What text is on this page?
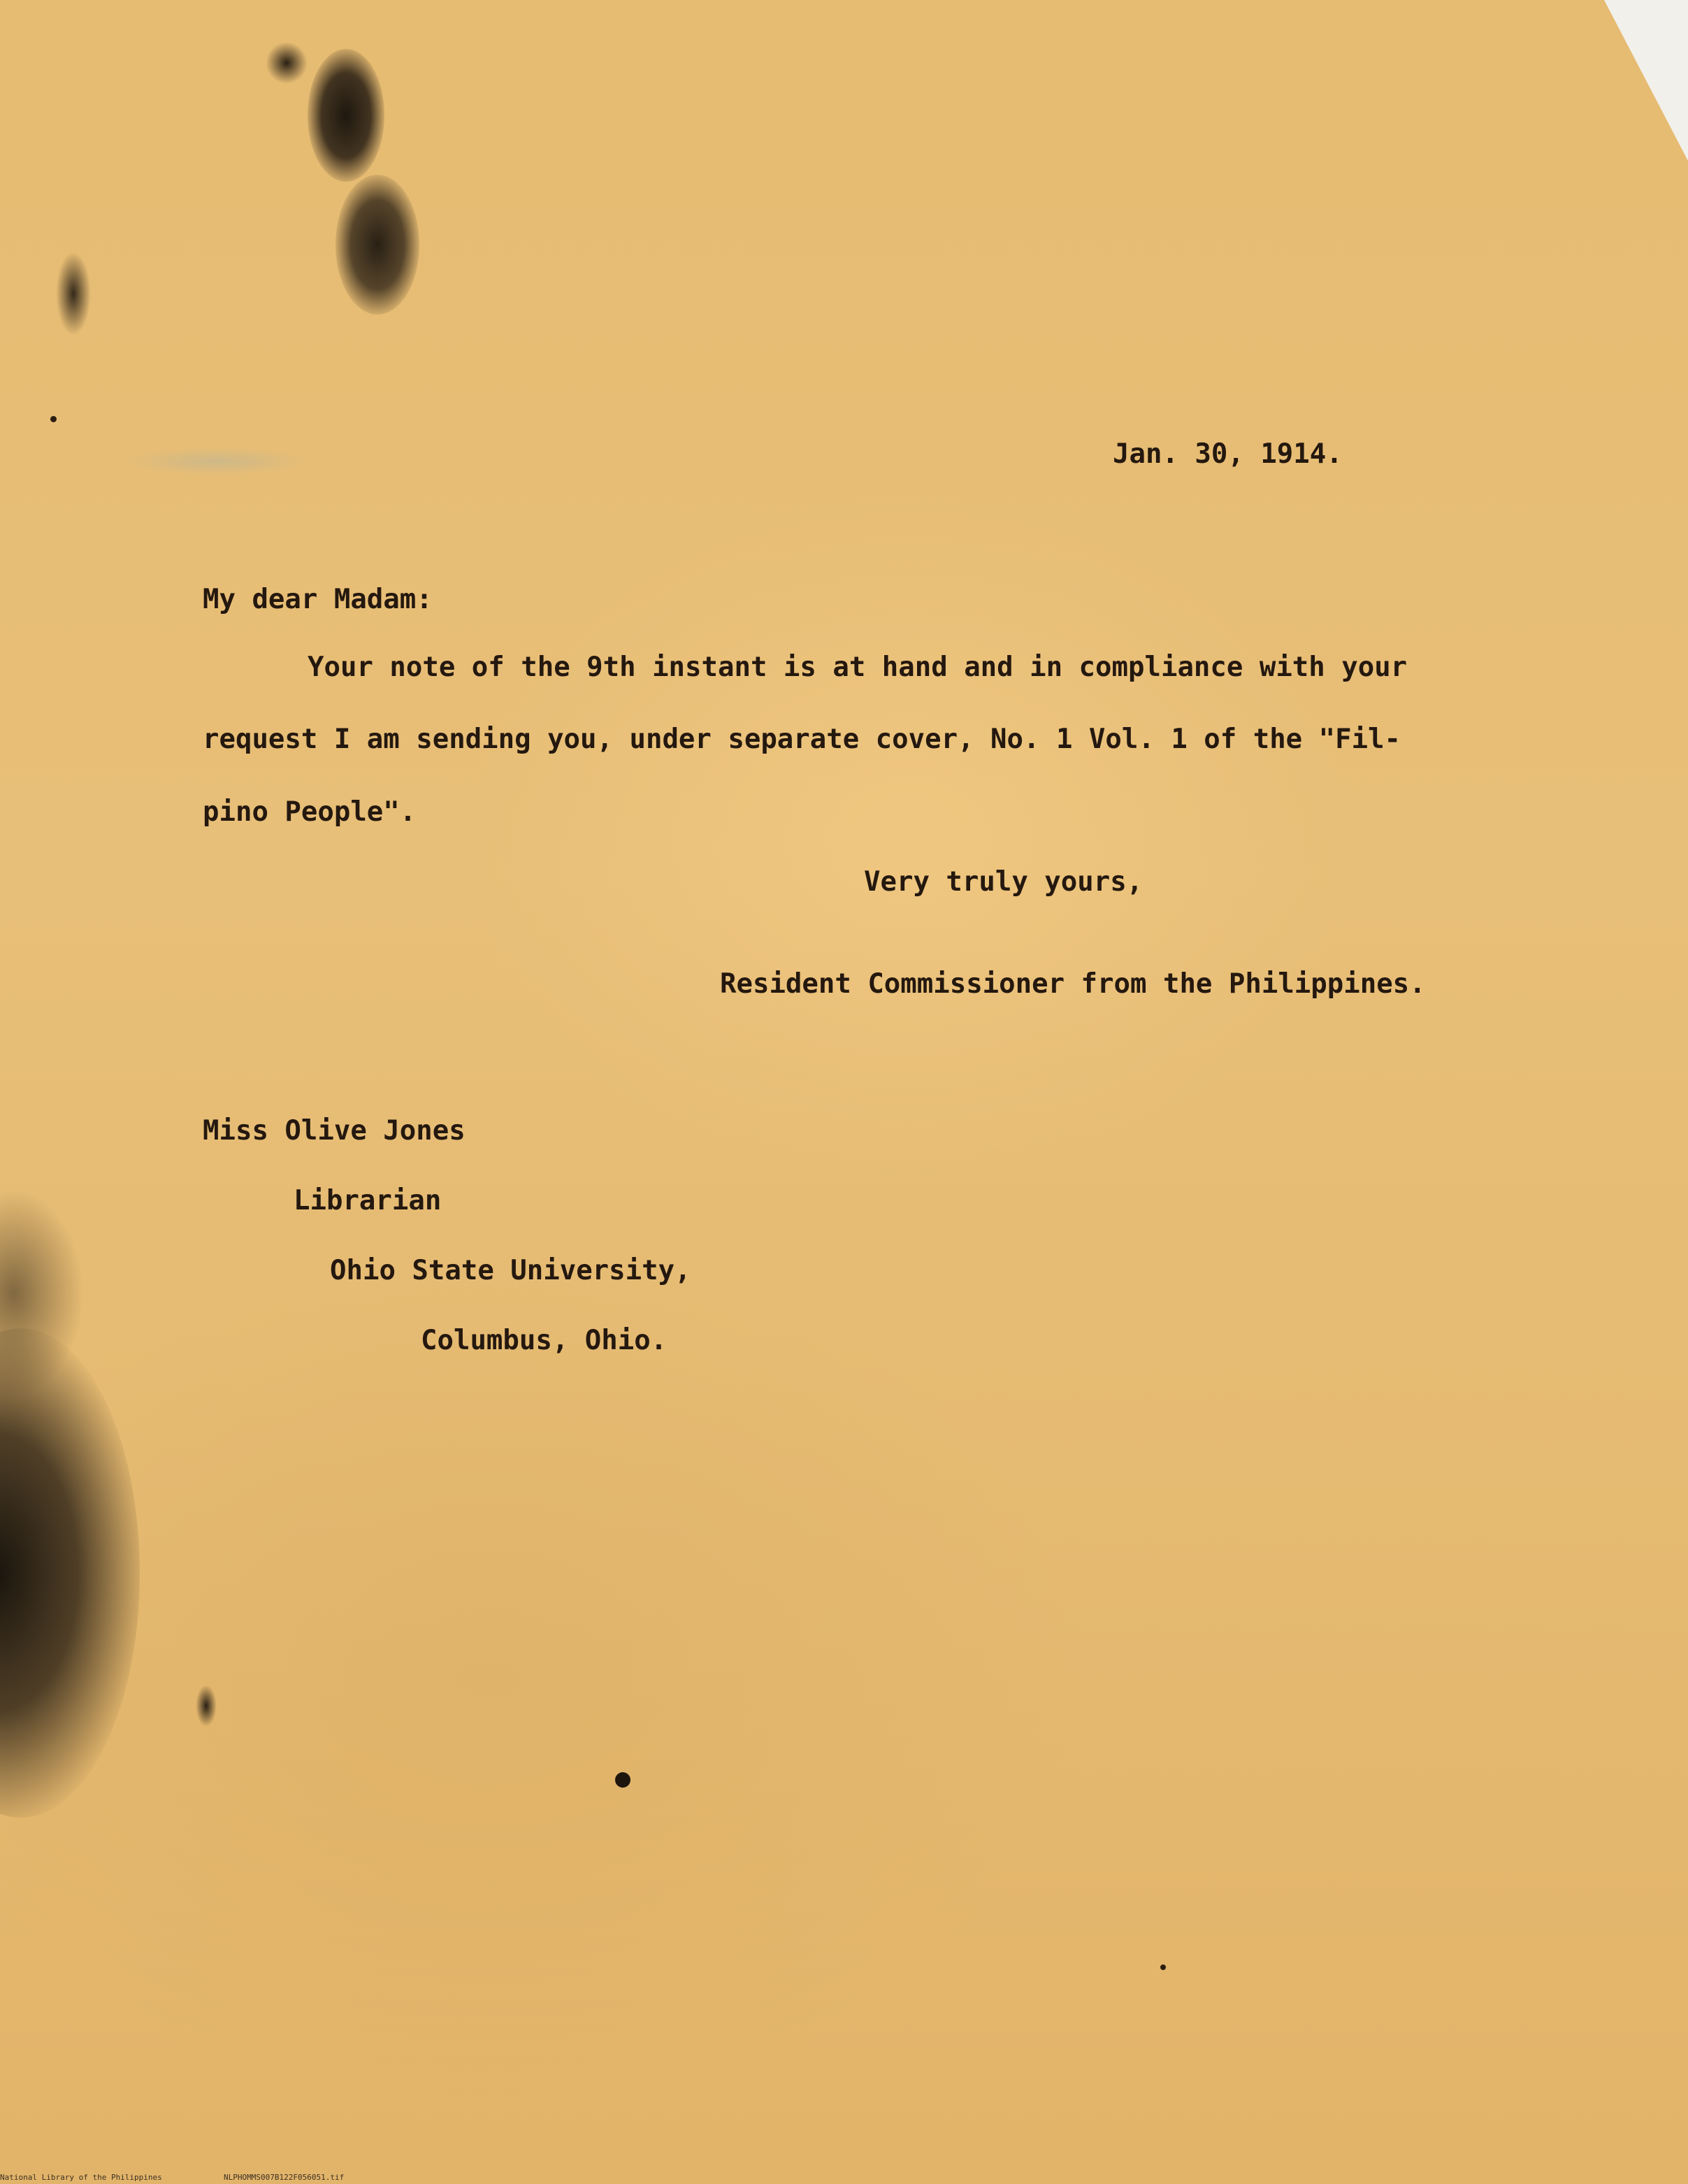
Jan. 30, 1914.

My dear Madam:

Your note of the 9th instant is at hand and in compliance with your

request I am sending you, under separate cover, No. 1 Vol. 1 of the "Fil-

pino People".

Very truly yours,

Resident Commissioner from the Philippines.

Miss Olive Jones

Librarian

Ohio State University,

Columbus, Ohio.

National Library of the Philippines	NLPHOMMS007B122F056051.tif
